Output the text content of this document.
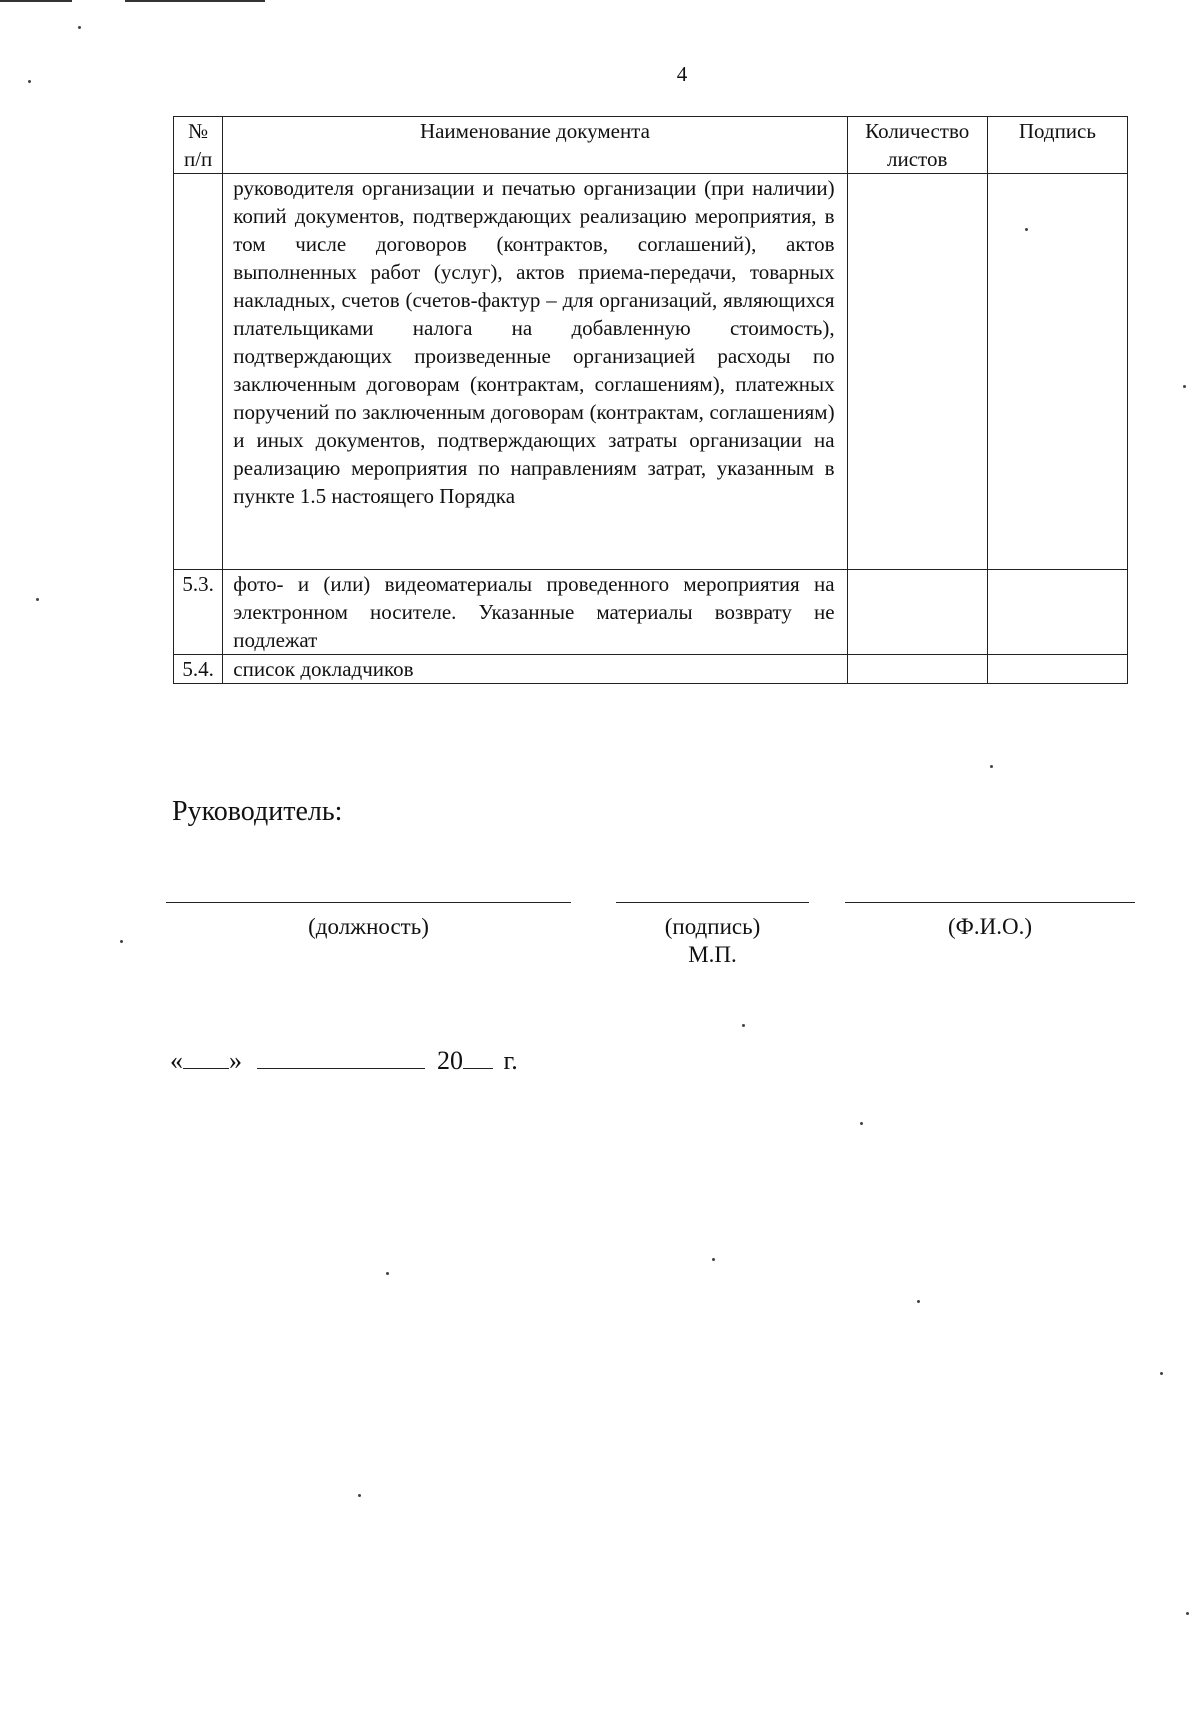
4
№ п/п	Наименование документа	Количество листов	Подпись
	руководителя организации и печатью организации (при наличии) копий документов, подтверждающих реализацию мероприятия, в том числе договоров (контрактов, соглашений), актов выполненных работ (услуг), актов приема-передачи, товарных накладных, счетов (счетов-фактур – для организаций, являющихся плательщиками налога на добавленную стоимость), подтверждающих произведенные организацией расходы по заключенным договорам (контрактам, соглашениям), платежных поручений по заключенным договорам (контрактам, соглашениям) и иных документов, подтверждающих затраты организации на реализацию мероприятия по направлениям затрат, указанным в пункте 1.5 настоящего Порядка		
5.3.	фото- и (или) видеоматериалы проведенного мероприятия на электронном носителе. Указанные материалы возврату не подлежат		
5.4.	список докладчиков		
Руководитель:
(должность)	(подпись)
М.П.
(Ф.И.О.)
« »	20 г.
